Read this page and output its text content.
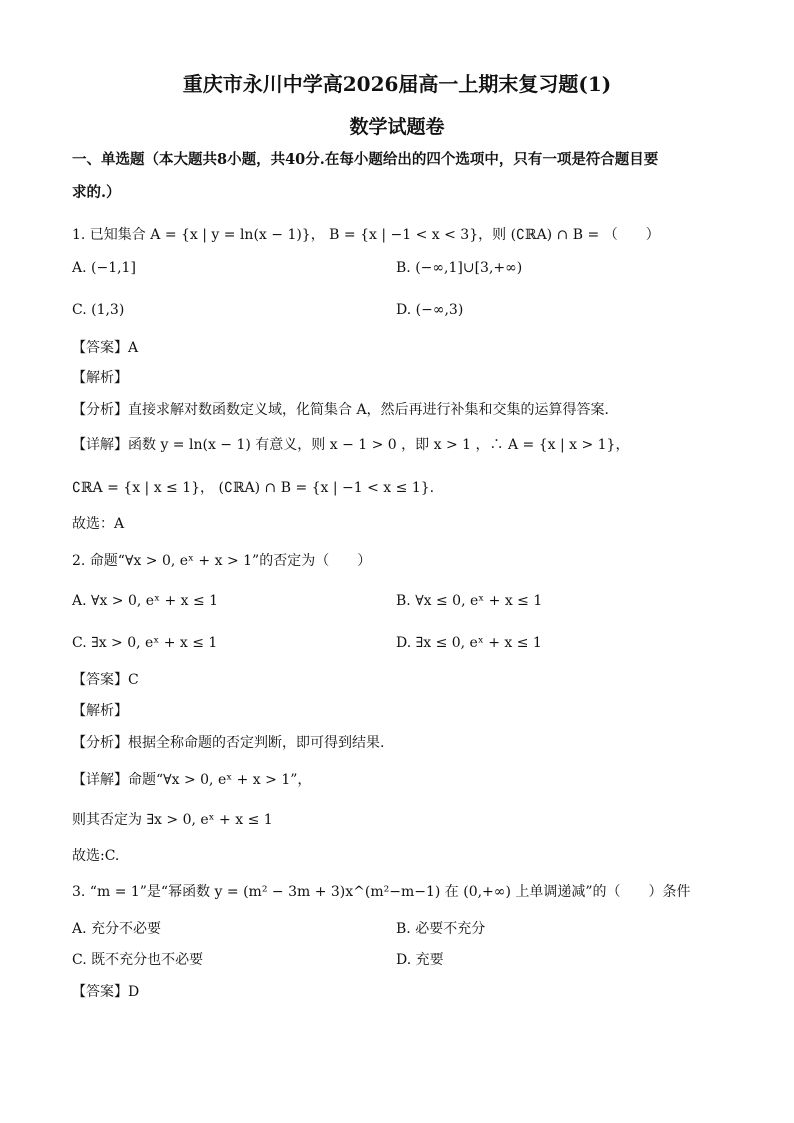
重庆市永川中学高2026届高一上期末复习题(1)
数学试题卷
一、单选题（本大题共8小题，共40分.在每小题给出的四个选项中，只有一项是符合题目要
求的.）
1. 已知集合 A = {x | y = ln(x − 1)}， B = {x | −1 < x < 3}，则 (∁ℝA) ∩ B = （　　）
A. (−1,1]	B. (−∞,1]∪[3,+∞)
C. (1,3)	D. (−∞,3)
【答案】A
【解析】
【分析】直接求解对数函数定义域，化简集合 A，然后再进行补集和交集的运算得答案．
【详解】函数 y = ln(x − 1) 有意义，则 x − 1 > 0 ，即 x > 1 ，∴ A = {x | x > 1}，
∁ℝA = {x | x ≤ 1}， (∁ℝA) ∩ B = {x | −1 < x ≤ 1}.
故选：A
2. 命题“∀x > 0, eˣ + x > 1”的否定为（　　）
A. ∀x > 0, eˣ + x ≤ 1	B. ∀x ≤ 0, eˣ + x ≤ 1
C. ∃x > 0, eˣ + x ≤ 1	D. ∃x ≤ 0, eˣ + x ≤ 1
【答案】C
【解析】
【分析】根据全称命题的否定判断，即可得到结果.
【详解】命题“∀x > 0, eˣ + x > 1”，
则其否定为 ∃x > 0, eˣ + x ≤ 1
故选:C.
3. “m = 1”是“幂函数 y = (m² − 3m + 3)x^(m²−m−1) 在 (0,+∞) 上单调递减”的（　　）条件
A. 充分不必要	B. 必要不充分
C. 既不充分也不必要	D. 充要
【答案】D
